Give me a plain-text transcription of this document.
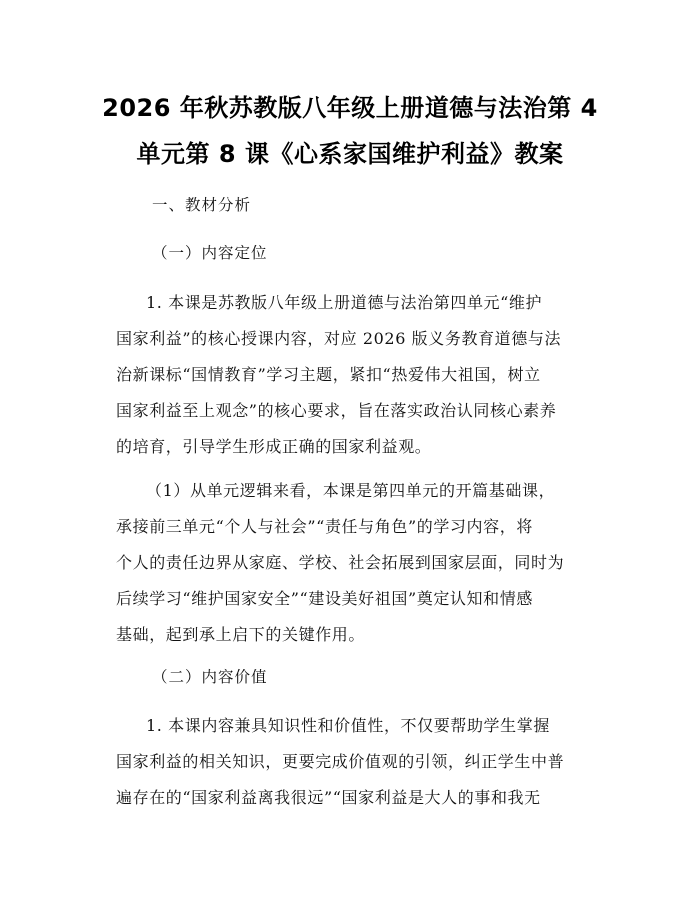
2026 年秋苏教版八年级上册道德与法治第 4
单元第 8 课《心系家国维护利益》教案
一、教材分析
（一）内容定位
1. 本课是苏教版八年级上册道德与法治第四单元“维护
国家利益”的核心授课内容，对应 2026 版义务教育道德与法
治新课标“国情教育”学习主题，紧扣“热爱伟大祖国，树立
国家利益至上观念”的核心要求，旨在落实政治认同核心素养
的培育，引导学生形成正确的国家利益观。
（1）从单元逻辑来看，本课是第四单元的开篇基础课，
承接前三单元“个人与社会”“责任与角色”的学习内容，将
个人的责任边界从家庭、学校、社会拓展到国家层面，同时为
后续学习“维护国家安全”“建设美好祖国”奠定认知和情感
基础，起到承上启下的关键作用。
（二）内容价值
1. 本课内容兼具知识性和价值性，不仅要帮助学生掌握
国家利益的相关知识，更要完成价值观的引领，纠正学生中普
遍存在的“国家利益离我很远”“国家利益是大人的事和我无
